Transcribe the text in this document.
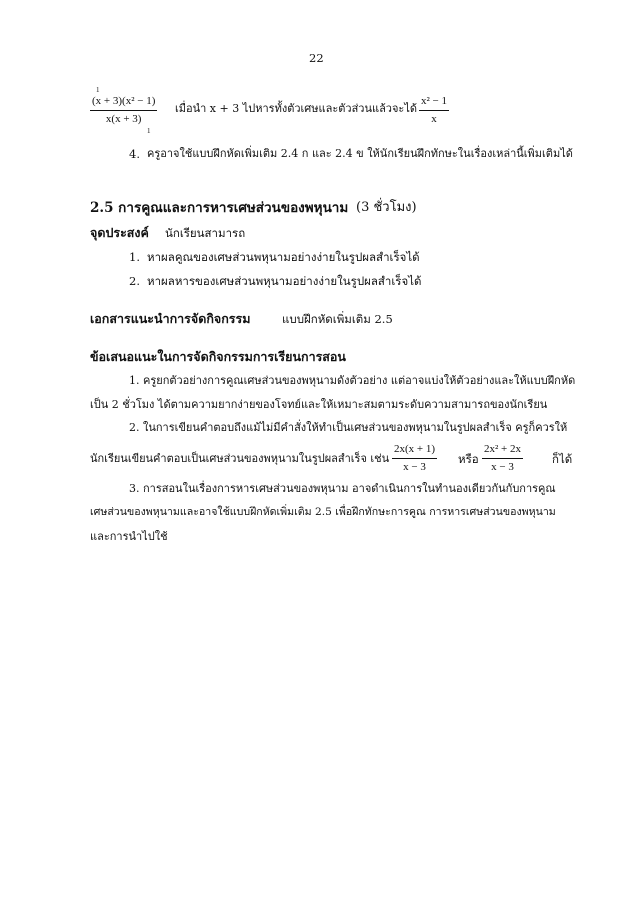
22
1
$\frac{\text{(x + 3)(x² − 1)}}{x(x + 3)}$
1
เมื่อนำ x + 3 ไปหารทั้งตัวเศษและตัวส่วนแล้วจะได้ $\frac{\text{x² − 1}}{x}$
4. ครูอาจใช้แบบฝึกหัดเพิ่มเติม 2.4 ก และ 2.4 ข ให้นักเรียนฝึกทักษะในเรื่องเหล่านี้เพิ่มเติมได้
2.5 การคูณและการหารเศษส่วนของพหุนาม (3 ชั่วโมง)
จุดประสงค์ นักเรียนสามารถ
1. หาผลคูณของเศษส่วนพหุนามอย่างง่ายในรูปผลสำเร็จได้
2. หาผลหารของเศษส่วนพหุนามอย่างง่ายในรูปผลสำเร็จได้
เอกสารแนะนำการจัดกิจกรรม	แบบฝึกหัดเพิ่มเติม 2.5
ข้อเสนอแนะในการจัดกิจกรรมการเรียนการสอน
1. ครูยกตัวอย่างการคูณเศษส่วนของพหุนามดังตัวอย่าง แต่อาจแบ่งให้ตัวอย่างและให้แบบฝึกหัด
เป็น 2 ชั่วโมง ได้ตามความยากง่ายของโจทย์และให้เหมาะสมตามระดับความสามารถของนักเรียน
2. ในการเขียนคำตอบถึงแม้ไม่มีคำสั่งให้ทำเป็นเศษส่วนของพหุนามในรูปผลสำเร็จ ครูก็ควรให้
นักเรียนเขียนคำตอบเป็นเศษส่วนของพหุนามในรูปผลสำเร็จ เช่น $\frac{2x(x + 1)}{x - 3}$ หรือ $\frac{\text{2x² + 2x}}{x - 3}$	ก็ได้
3. การสอนในเรื่องการหารเศษส่วนของพหุนาม อาจดำเนินการในทำนองเดียวกันกับการคูณ
เศษส่วนของพหุนามและอาจใช้แบบฝึกหัดเพิ่มเติม 2.5 เพื่อฝึกทักษะการคูณ การหารเศษส่วนของพหุนาม
และการนำไปใช้
